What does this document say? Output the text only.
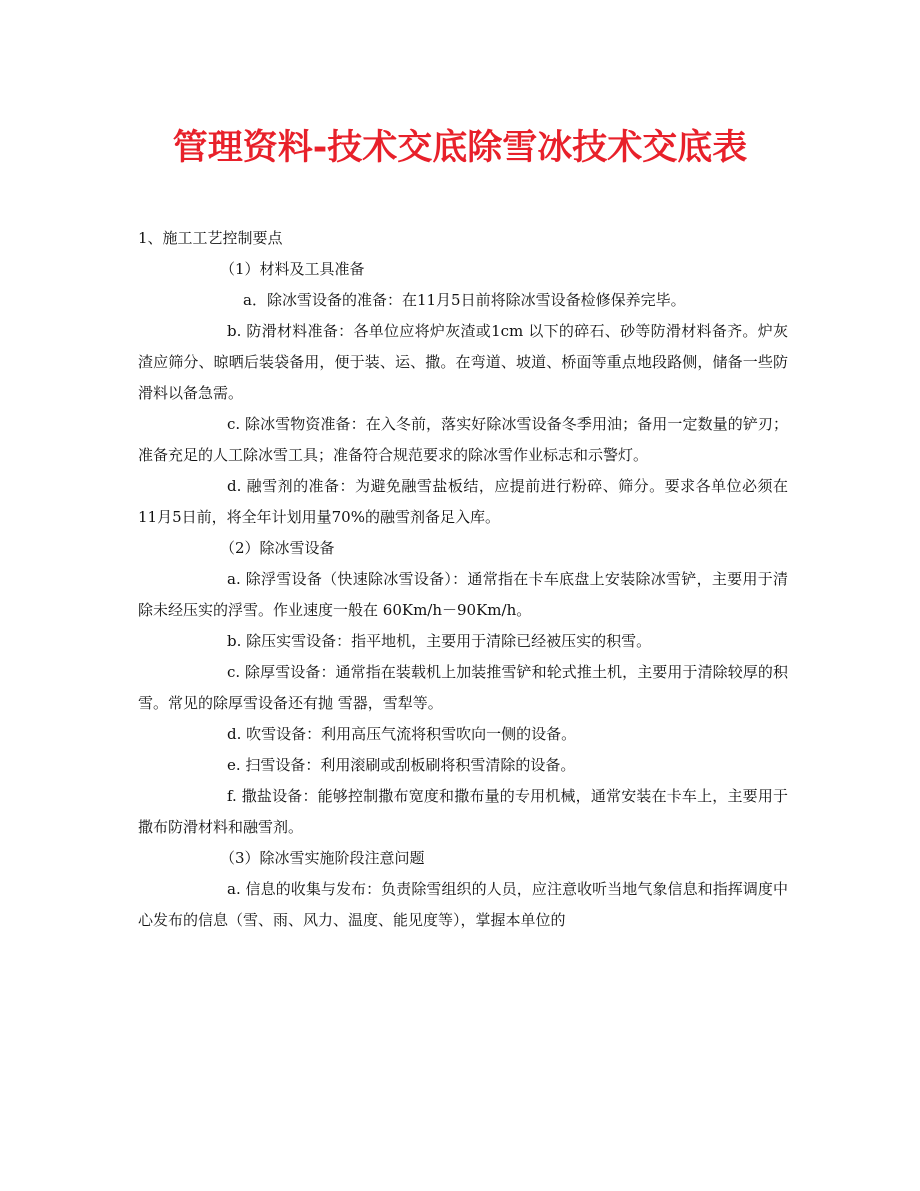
管理资料-技术交底除雪冰技术交底表

1、施工工艺控制要点

（1）材料及工具准备

a．除冰雪设备的准备：在11月5日前将除冰雪设备检修保养完毕。

b. 防滑材料准备：各单位应将炉灰渣或1cm 以下的碎石、砂等防滑材料备齐。炉灰渣应筛分、晾晒后装袋备用，便于装、运、撒。在弯道、坡道、桥面等重点地段路侧，储备一些防滑料以备急需。

c. 除冰雪物资准备：在入冬前，落实好除冰雪设备冬季用油；备用一定数量的铲刃；准备充足的人工除冰雪工具；准备符合规范要求的除冰雪作业标志和示警灯。

d. 融雪剂的准备：为避免融雪盐板结，应提前进行粉碎、筛分。要求各单位必须在11月5日前，将全年计划用量70%的融雪剂备足入库。

（2）除冰雪设备

a. 除浮雪设备（快速除冰雪设备）：通常指在卡车底盘上安装除冰雪铲，主要用于清除未经压实的浮雪。作业速度一般在 60Km/h－90Km/h。

b. 除压实雪设备：指平地机，主要用于清除已经被压实的积雪。

c. 除厚雪设备：通常指在装载机上加装推雪铲和轮式推土机，主要用于清除较厚的积雪。常见的除厚雪设备还有抛 雪器，雪犁等。

d. 吹雪设备：利用高压气流将积雪吹向一侧的设备。

e. 扫雪设备：利用滚刷或刮板刷将积雪清除的设备。

f. 撒盐设备：能够控制撒布宽度和撒布量的专用机械，通常安装在卡车上，主要用于撒布防滑材料和融雪剂。

（3）除冰雪实施阶段注意问题

a. 信息的收集与发布：负责除雪组织的人员，应注意收听当地气象信息和指挥调度中心发布的信息（雪、雨、风力、温度、能见度等），掌握本单位的
